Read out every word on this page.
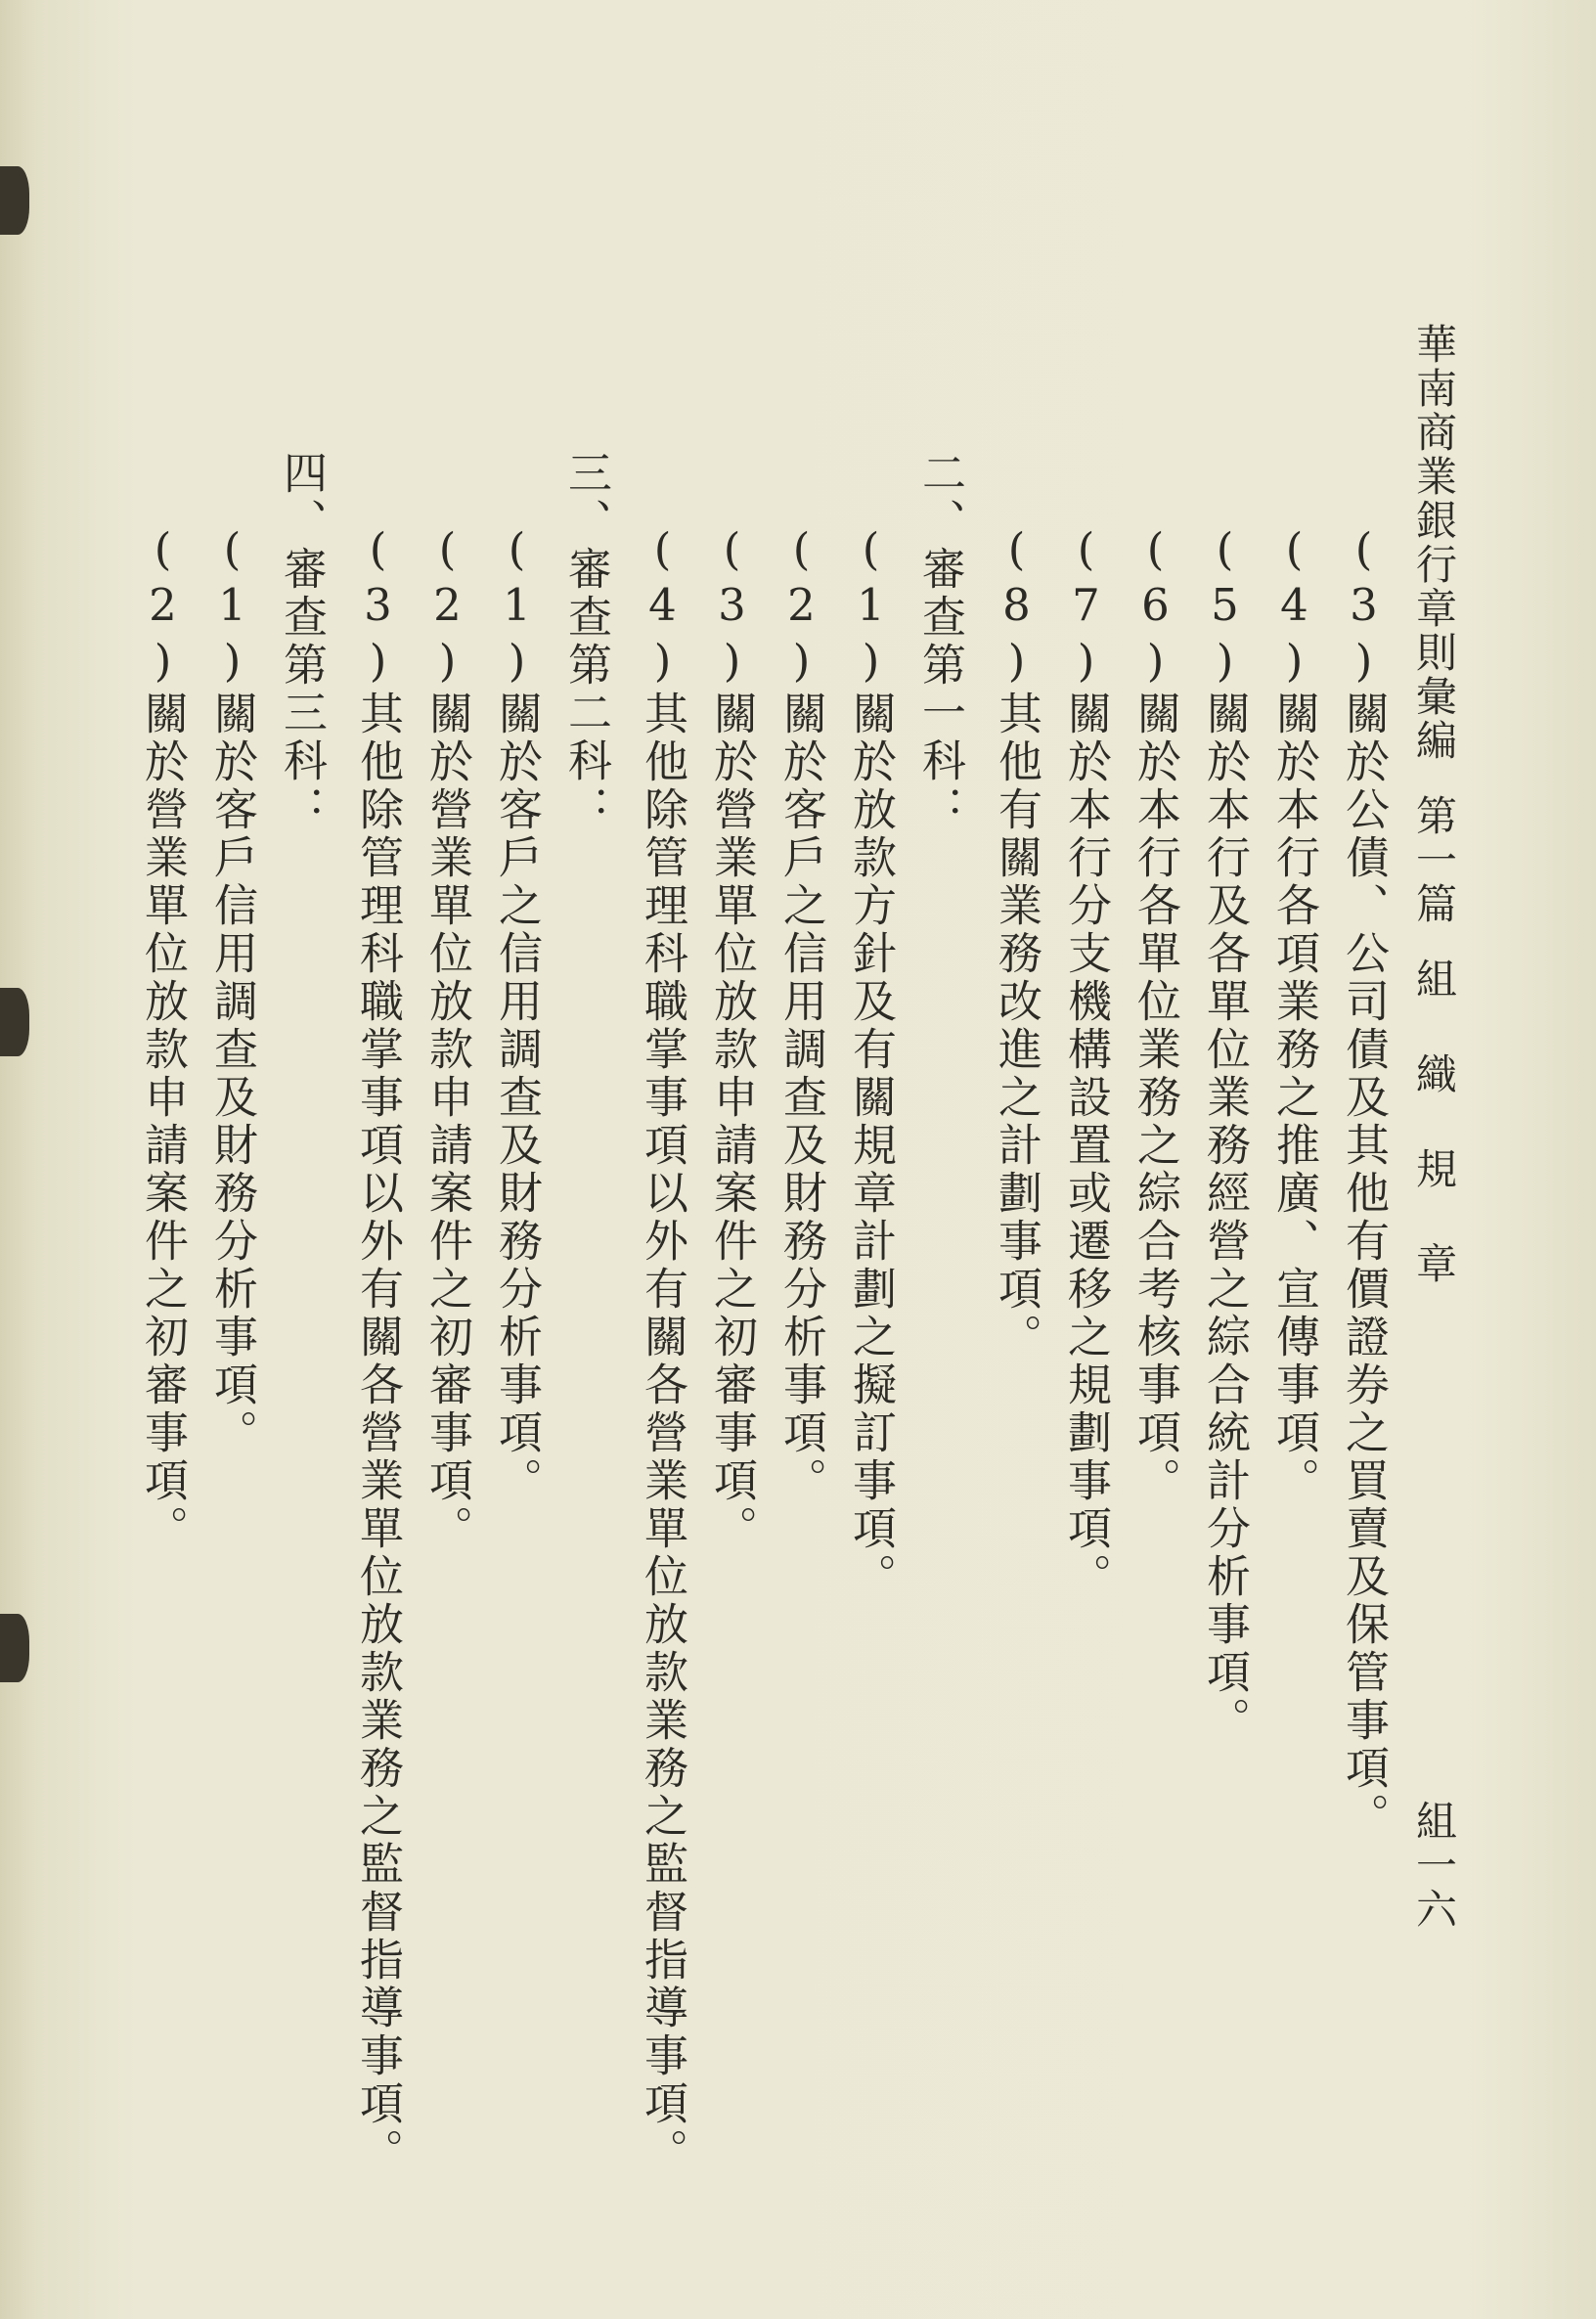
華南商業銀行章則彙編第一篇組 織 規 章
(3)關於公債、公司債及其他有價證券之買賣及保管事項。
(4)關於本行各項業務之推廣、宣傳事項。
(5)關於本行及各單位業務經營之綜合統計分析事項。
(6)關於本行各單位業務之綜合考核事項。
(7)關於本行分支機構設置或遷移之規劃事項。
(8)其他有關業務改進之計劃事項。
二、審查第一科：
(1)關於放款方針及有關規章計劃之擬訂事項。
(2)關於客戶之信用調查及財務分析事項。
(3)關於營業單位放款申請案件之初審事項。
(4)其他除管理科職掌事項以外有關各營業單位放款業務之監督指導事項。
三、審查第二科：
(1)關於客戶之信用調查及財務分析事項。
(2)關於營業單位放款申請案件之初審事項。
(3)其他除管理科職掌事項以外有關各營業單位放款業務之監督指導事項。
四、審查第三科：
(1)關於客戶信用調查及財務分析事項。
(2)關於營業單位放款申請案件之初審事項。
組一六
